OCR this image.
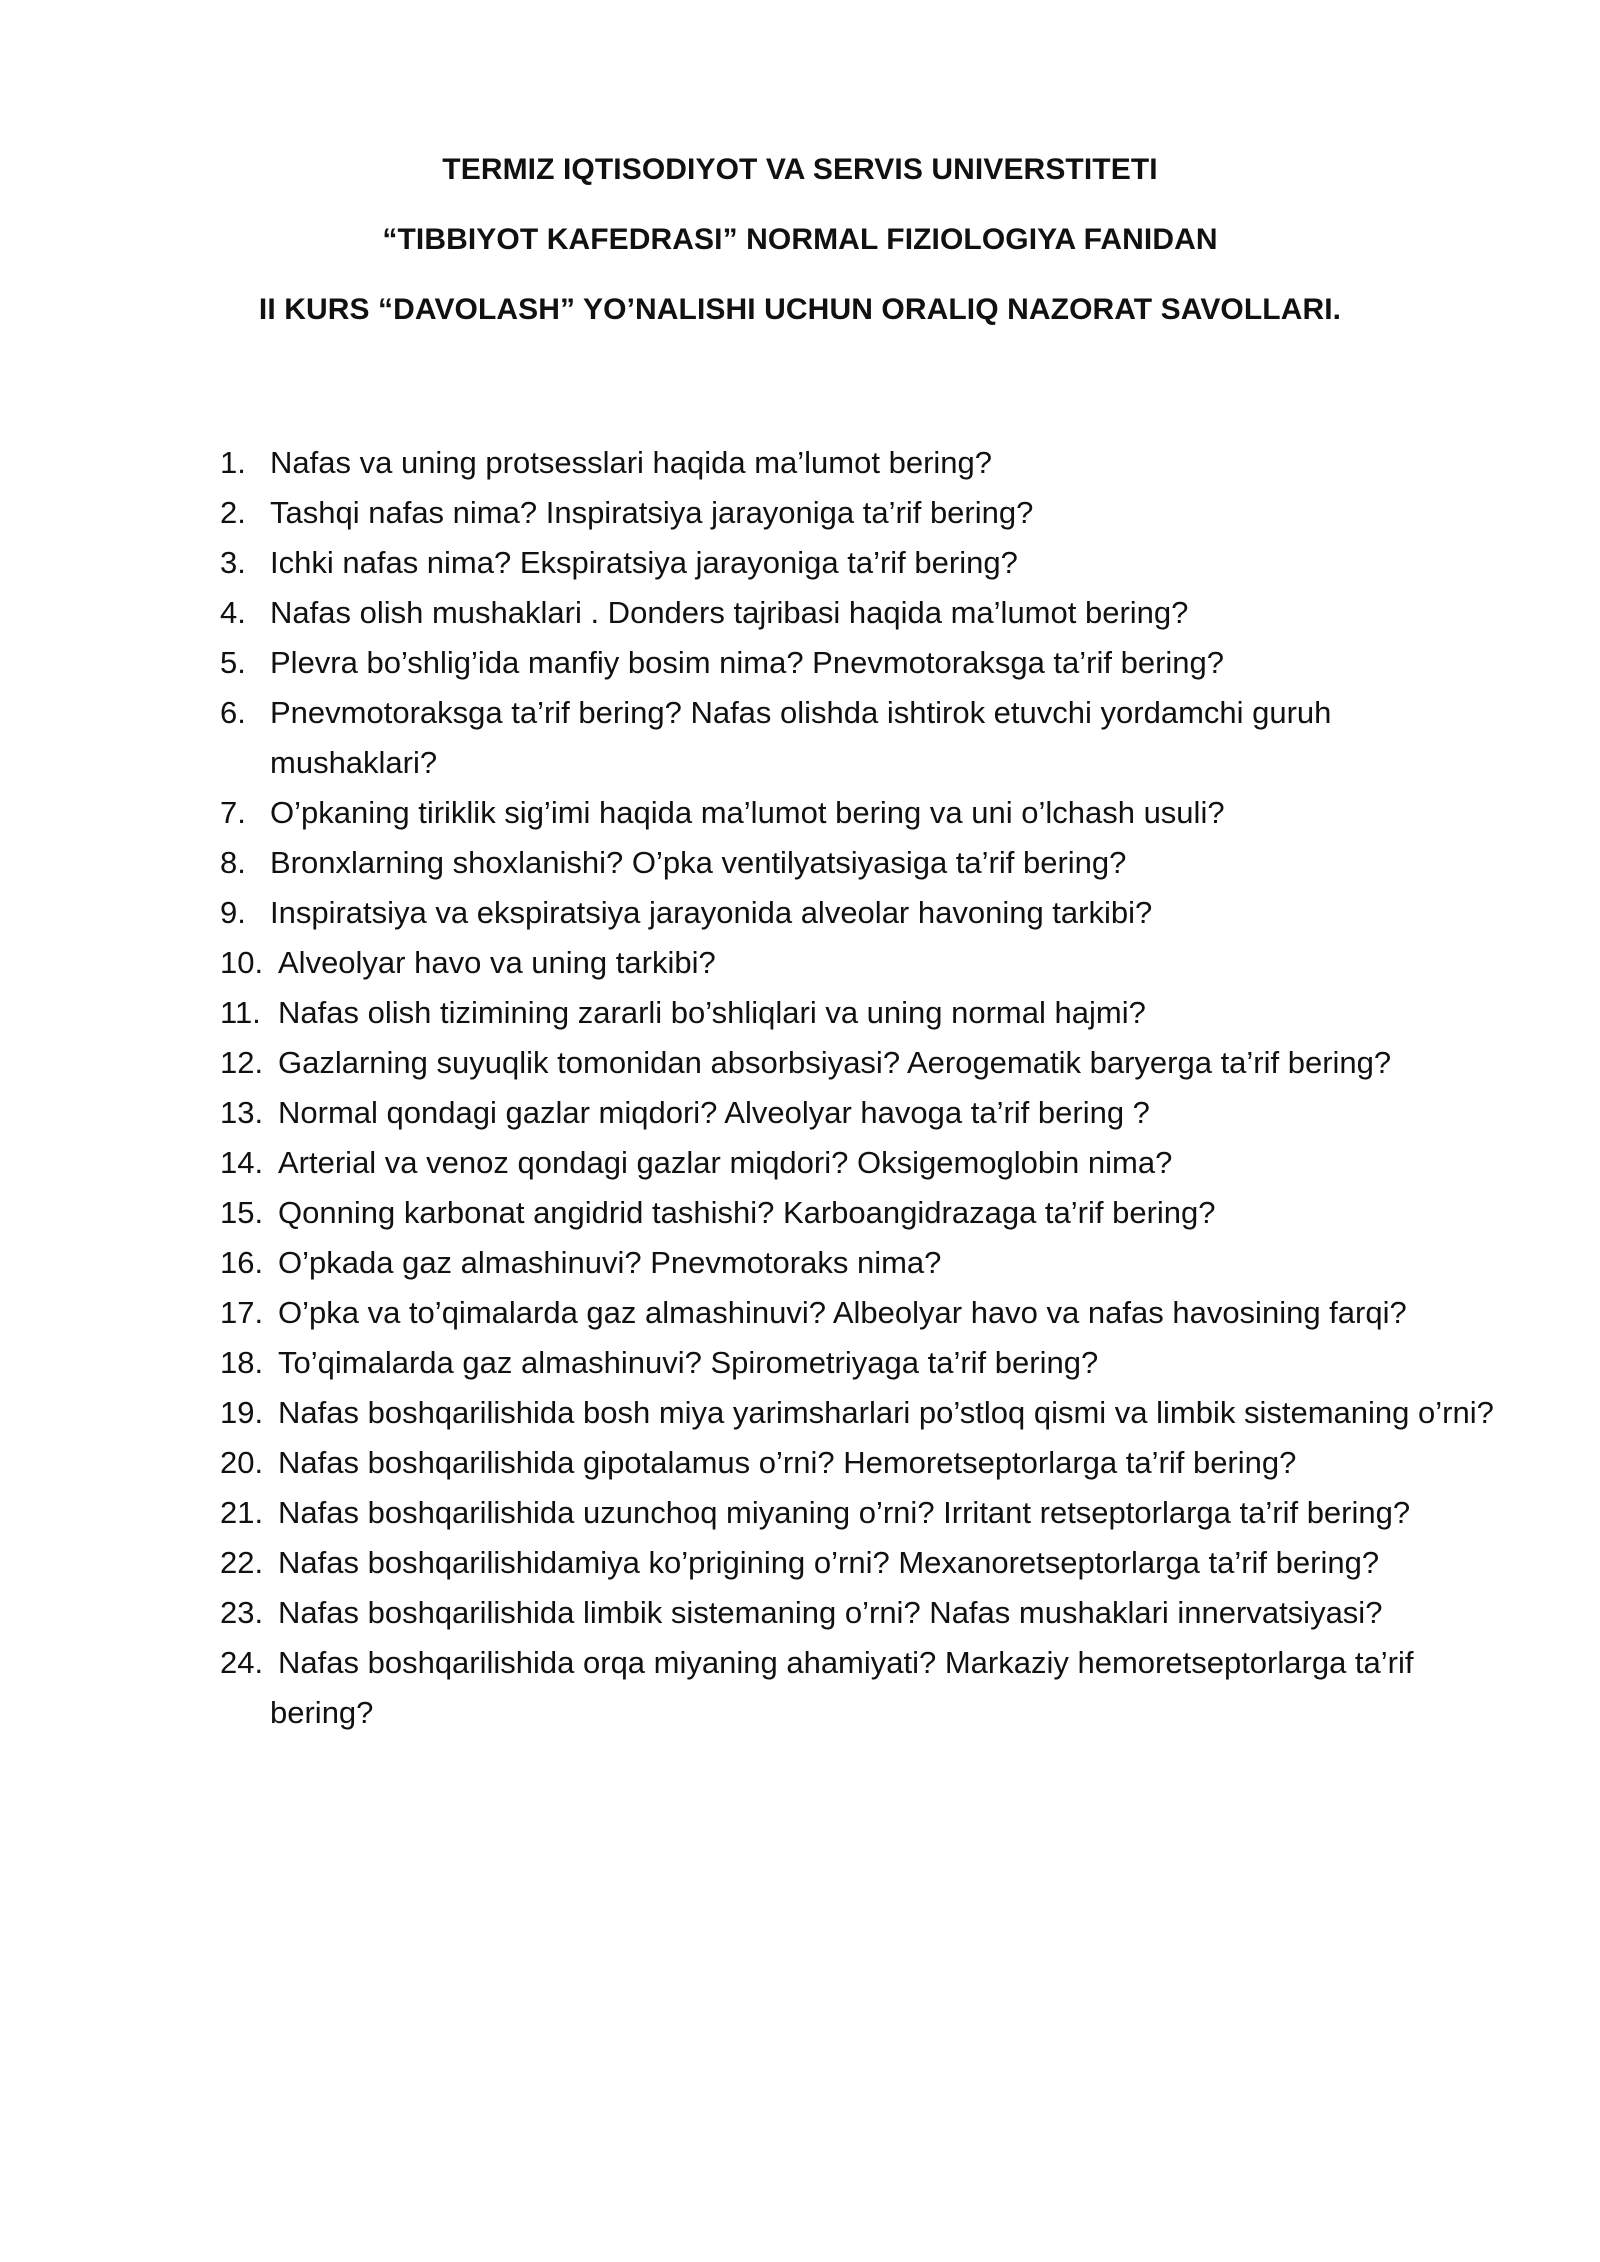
TERMIZ IQTISODIYOT VA SERVIS UNIVERSTITETI
“TIBBIYOT KAFEDRASI” NORMAL FIZIOLOGIYA FANIDAN
II KURS “DAVOLASH” YO’NALISHI UCHUN ORALIQ NAZORAT SAVOLLARI.
1. Nafas va uning protsesslari haqida ma’lumot bering?
2. Tashqi nafas nima? Inspiratsiya jarayoniga ta’rif bering?
3. Ichki nafas nima? Ekspiratsiya jarayoniga ta’rif bering?
4. Nafas olish mushaklari . Donders tajribasi haqida ma’lumot bering?
5. Plevra bo’shlig’ida manfiy bosim nima? Pnevmotoraksga ta’rif bering?
6. Pnevmotoraksga ta’rif bering? Nafas olishda ishtirok etuvchi yordamchi guruh mushaklari?
7. O’pkaning tiriklik sig’imi haqida ma’lumot bering va uni o’lchash usuli?
8. Bronxlarning shoxlanishi? O’pka ventilyatsiyasiga ta’rif bering?
9. Inspiratsiya va ekspiratsiya jarayonida alveolar havoning tarkibi?
10. Alveolyar havo va uning tarkibi?
11. Nafas olish tizimining zararli bo’shliqlari va uning normal hajmi?
12. Gazlarning suyuqlik tomonidan absorbsiyasi? Aerogematik baryerga ta’rif bering?
13. Normal qondagi gazlar miqdori? Alveolyar havoga ta’rif bering ?
14. Arterial va venoz qondagi gazlar miqdori? Oksigemoglobin nima?
15. Qonning karbonat angidrid tashishi? Karboangidrazaga ta’rif bering?
16. O’pkada gaz almashinuvi? Pnevmotoraks nima?
17. O’pka va to’qimalarda gaz almashinuvi? Albeolyar havo va nafas havosining farqi?
18. To’qimalarda gaz almashinuvi? Spirometriyaga ta’rif bering?
19. Nafas boshqarilishida bosh miya yarimsharlari po’stloq qismi va limbik sistemaning o’rni?
20. Nafas boshqarilishida gipotalamus o’rni? Hemoretseptorlarga ta’rif bering?
21. Nafas boshqarilishida uzunchoq miyaning o’rni? Irritant retseptorlarga ta’rif bering?
22. Nafas boshqarilishidamiya ko’prigining o’rni? Mexanoretseptorlarga ta’rif bering?
23. Nafas boshqarilishida limbik sistemaning o’rni? Nafas mushaklari innervatsiyasi?
24. Nafas boshqarilishida orqa miyaning ahamiyati? Markaziy hemoretseptorlarga ta’rif bering?
